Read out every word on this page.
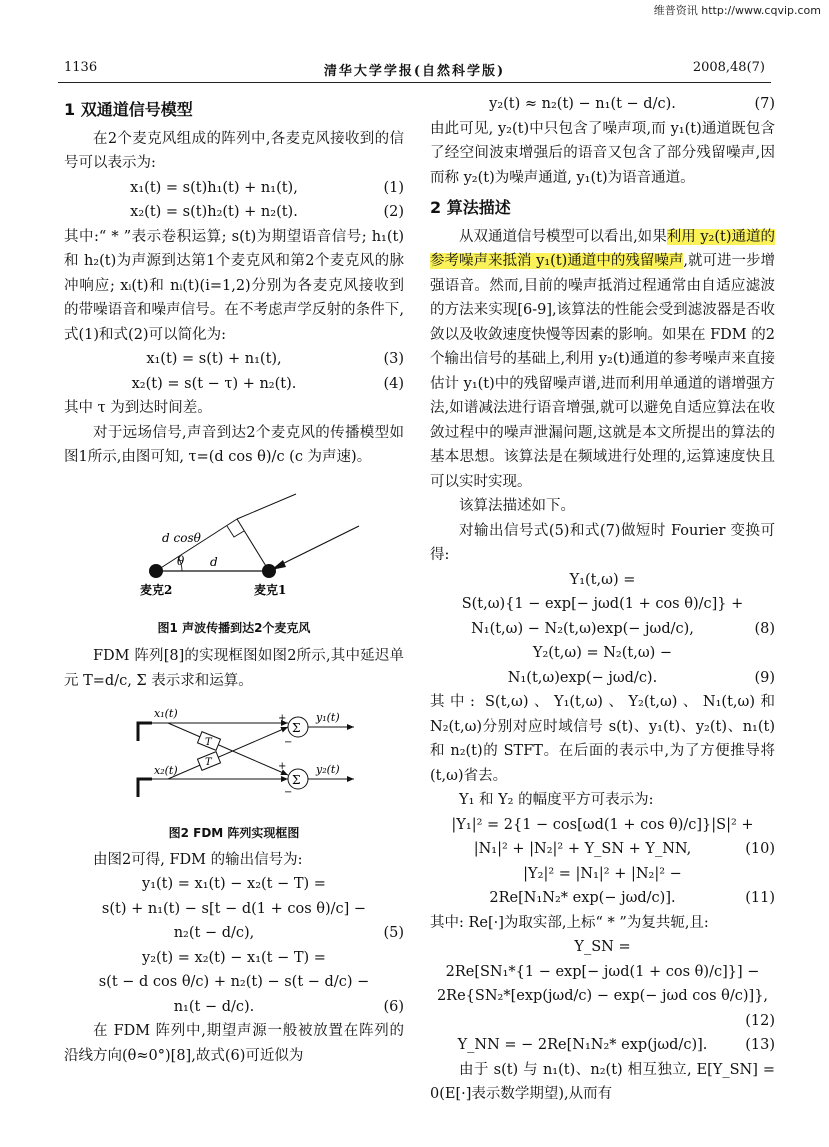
维普资讯 http://www.cqvip.com
1136	清华大学学报(自然科学版)	2008,48(7)
1 双通道信号模型

在2个麦克风组成的阵列中,各麦克风接收到的信号可以表示为:

x₁(t) = s(t)h₁(t) + n₁(t),	(1)
x₂(t) = s(t)h₂(t) + n₂(t).	(2)

其中:“ * ”表示卷积运算; s(t)为期望语音信号; h₁(t)和 h₂(t)为声源到达第1个麦克风和第2个麦克风的脉冲响应; xᵢ(t)和 nᵢ(t)(i=1,2)分别为各麦克风接收到的带噪语音和噪声信号。在不考虑声学反射的条件下,式(1)和式(2)可以简化为:

x₁(t) = s(t) + n₁(t),	(3)
x₂(t) = s(t − τ) + n₂(t).	(4)

其中 τ 为到达时间差。

对于远场信号,声音到达2个麦克风的传播模型如图1所示,由图可知, τ=(d cos θ)/c (c 为声速)。

d cosθ
θ d
麦克2	麦克1
图1 声波传播到达2个麦克风

FDM 阵列[8]的实现框图如图2所示,其中延迟单元 T=d/c, Σ 表示求和运算。

T
T
Σ
Σ
+
−
+
−
x₁(t)
x₂(t)
y₁(t)
y₂(t)
图2 FDM 阵列实现框图

由图2可得, FDM 的输出信号为:

y₁(t) = x₁(t) − x₂(t − T) =
s(t) + n₁(t) − s[t − d(1 + cos θ)/c] −
n₂(t − d/c),	(5)
y₂(t) = x₂(t) − x₁(t − T) =
s(t − d cos θ/c) + n₂(t) − s(t − d/c) −
n₁(t − d/c).	(6)

在 FDM 阵列中,期望声源一般被放置在阵列的沿线方向(θ≈0°)[8],故式(6)可近似为

y₂(t) ≈ n₂(t) − n₁(t − d/c).	(7)

由此可见, y₂(t)中只包含了噪声项,而 y₁(t)通道既包含了经空间波束增强后的语音又包含了部分残留噪声,因而称 y₂(t)为噪声通道, y₁(t)为语音通道。

2 算法描述

从双通道信号模型可以看出,如果利用 y₂(t)通道的参考噪声来抵消 y₁(t)通道中的残留噪声,就可进一步增强语音。然而,目前的噪声抵消过程通常由自适应滤波的方法来实现[6-9],该算法的性能会受到滤波器是否收敛以及收敛速度快慢等因素的影响。如果在 FDM 的2个输出信号的基础上,利用 y₂(t)通道的参考噪声来直接估计 y₁(t)中的残留噪声谱,进而利用单通道的谱增强方法,如谱减法进行语音增强,就可以避免自适应算法在收敛过程中的噪声泄漏问题,这就是本文所提出的算法的基本思想。该算法是在频域进行处理的,运算速度快且可以实时实现。

该算法描述如下。

对输出信号式(5)和式(7)做短时 Fourier 变换可得:

Y₁(t,ω) =
S(t,ω){1 − exp[− jωd(1 + cos θ)/c]} +
N₁(t,ω) − N₂(t,ω)exp(− jωd/c),	(8)
Y₂(t,ω) = N₂(t,ω) −
N₁(t,ω)exp(− jωd/c).	(9)

其中: S(t,ω)、Y₁(t,ω)、Y₂(t,ω)、N₁(t,ω)和 N₂(t,ω)分别对应时域信号 s(t)、y₁(t)、y₂(t)、n₁(t)和 n₂(t)的 STFT。在后面的表示中,为了方便推导将(t,ω)省去。

Y₁ 和 Y₂ 的幅度平方可表示为:

|Y₁|² = 2{1 − cos[ωd(1 + cos θ)/c]}|S|² +
|N₁|² + |N₂|² + Y_SN + Y_NN,	(10)
|Y₂|² = |N₁|² + |N₂|² −
2Re[N₁N₂* exp(− jωd/c)].	(11)

其中: Re[·]为取实部,上标“ * ”为复共轭,且:

Y_SN =
2Re[SN₁*{1 − exp[− jωd(1 + cos θ)/c]}] −
2Re{SN₂*[exp(jωd/c) − exp(− jωd cos θ/c)]},
(12)
Y_NN = − 2Re[N₁N₂* exp(jωd/c)].	(13)

由于 s(t) 与 n₁(t)、n₂(t) 相互独立, E[Y_SN] = 0(E[·]表示数学期望),从而有
